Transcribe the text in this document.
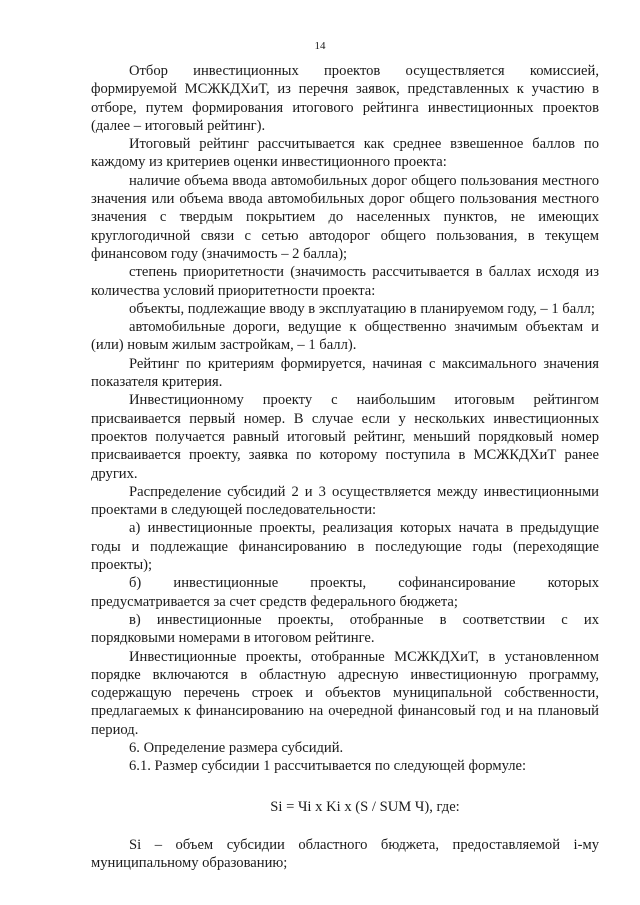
14

Отбор инвестиционных проектов осуществляется комиссией, формируемой МСЖКДХиТ, из перечня заявок, представленных к участию в отборе, путем формирования итогового рейтинга инвестиционных проектов (далее – итоговый рейтинг).

Итоговый рейтинг рассчитывается как среднее взвешенное баллов по каждому из критериев оценки инвестиционного проекта:

наличие объема ввода автомобильных дорог общего пользования местного значения или объема ввода автомобильных дорог общего пользования местного значения с твердым покрытием до населенных пунктов, не имеющих круглогодичной связи с сетью автодорог общего пользования, в текущем финансовом году (значимость – 2 балла);

степень приоритетности (значимость рассчитывается в баллах исходя из количества условий приоритетности проекта:

объекты, подлежащие вводу в эксплуатацию в планируемом году, – 1 балл;

автомобильные дороги, ведущие к общественно значимым объектам и (или) новым жилым застройкам, – 1 балл).

Рейтинг по критериям формируется, начиная с максимального значения показателя критерия.

Инвестиционному проекту с наибольшим итоговым рейтингом присваивается первый номер. В случае если у нескольких инвестиционных проектов получается равный итоговый рейтинг, меньший порядковый номер присваивается проекту, заявка по которому поступила в МСЖКДХиТ ранее других.

Распределение субсидий 2 и 3 осуществляется между инвестиционными проектами в следующей последовательности:

а) инвестиционные проекты, реализация которых начата в предыдущие годы и подлежащие финансированию в последующие годы (переходящие проекты);

б) инвестиционные проекты, софинансирование которых предусматривается за счет средств федерального бюджета;

в) инвестиционные проекты, отобранные в соответствии с их порядковыми номерами в итоговом рейтинге.

Инвестиционные проекты, отобранные МСЖКДХиТ, в установленном порядке включаются в областную адресную инвестиционную программу, содержащую перечень строек и объектов муниципальной собственности, предлагаемых к финансированию на очередной финансовый год и на плановый период.

6. Определение размера субсидий.

6.1. Размер субсидии 1 рассчитывается по следующей формуле:

Si = Чi x Ki x (S / SUM Ч), где:

Si – объем субсидии областного бюджета, предоставляемой i-му муниципальному образованию;
